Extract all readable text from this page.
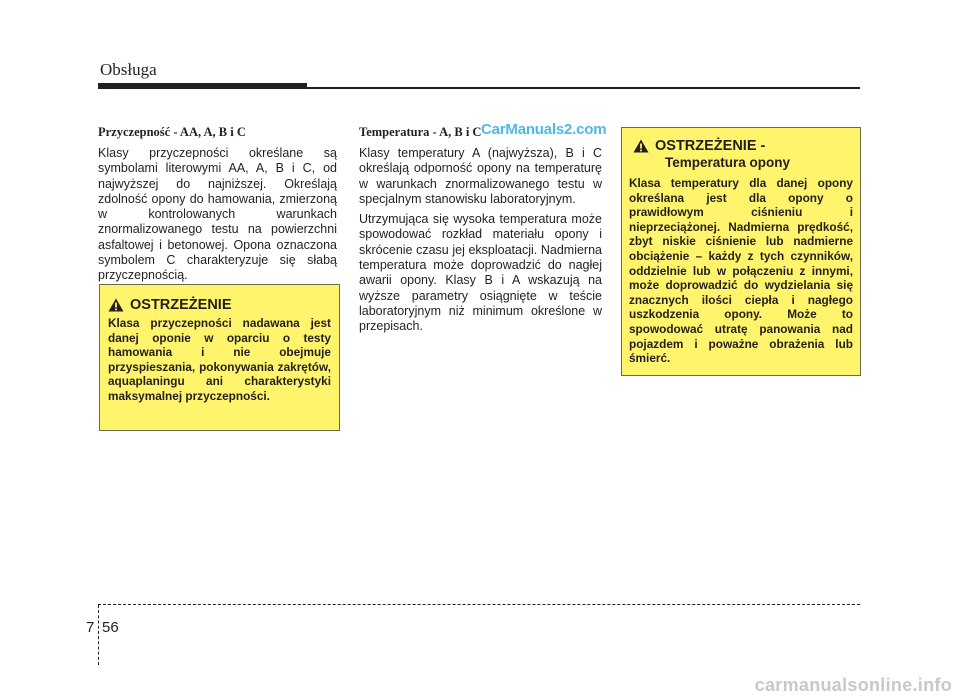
Obsługa
Przyczepność - AA, A, B i C

Klasy przyczepności określane są symbolami literowymi AA, A, B i C, od najwyższej do najniższej. Określają zdolność opony do hamowania, zmierzoną w kontrolowanych warunkach znormalizowanego testu na powierzchni asfaltowej i betonowej. Opona oznaczona symbolem C charakteryzuje się słabą przyczepnością.

Temperatura - A, B i C

Klasy temperatury A (najwyższa), B i C określają odporność opony na temperaturę w warunkach znormalizowanego testu w specjalnym stanowisku laboratoryjnym.

Utrzymująca się wysoka temperatura może spowodować rozkład materiału opony i skrócenie czasu jej eksploatacji. Nadmierna temperatura może doprowadzić do nagłej awarii opony. Klasy B i A wskazują na wyższe parametry osiągnięte w teście laboratoryjnym niż minimum określone w przepisach.

CarManuals2.com
OSTRZEŻENIE
Klasa przyczepności nadawana jest danej oponie w oparciu o testy hamowania i nie obejmuje przyspieszania, pokonywania zakrętów, aquaplaningu ani charakterystyki maksymalnej przyczepności.
OSTRZEŻENIE -
Temperatura opony
Klasa temperatury dla danej opony określana jest dla opony o prawidłowym ciśnieniu i nieprzeciążonej. Nadmierna prędkość, zbyt niskie ciśnienie lub nadmierne obciążenie – każdy z tych czynników, oddzielnie lub w połączeniu z innymi, może doprowadzić do wydzielania się znacznych ilości ciepła i nagłego uszkodzenia opony. Może to spowodować utratę panowania nad pojazdem i poważne obrażenia lub śmierć.
7 56
carmanualsonline.info
